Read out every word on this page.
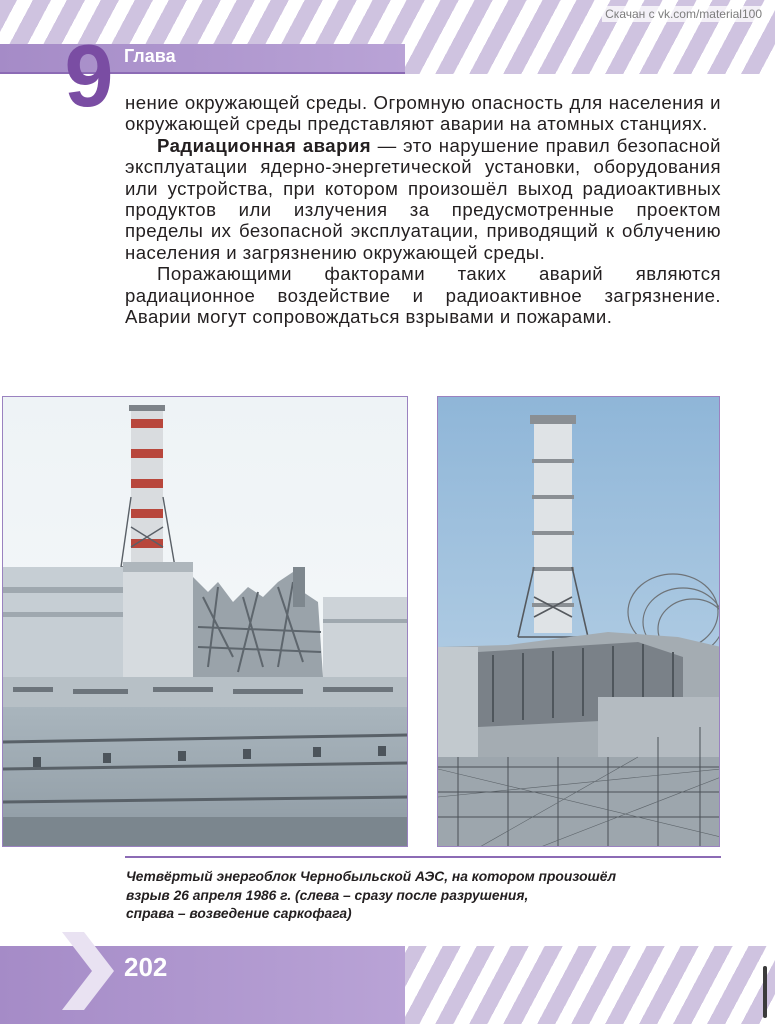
9 Глава
Скачан с vk.com/material100

нение окружающей среды. Огромную опасность для населения и окружающей среды представляют аварии на атомных станциях.

Радиационная авария — это нарушение правил безопасной эксплуатации ядерно-энергетической установки, оборудования или устройства, при котором произошёл выход радиоактивных продуктов или излучения за предусмотренные проектом пределы их безопасной эксплуатации, приводящий к облучению населения и загрязнению окружающей среды.

Поражающими факторами таких аварий являются радиационное воздействие и радиоактивное загрязнение. Аварии могут сопровождаться взрывами и пожарами.

Четвёртый энергоблок Чернобыльской АЭС, на котором произошёл
взрыв 26 апреля 1986 г. (слева – сразу после разрушения,
справа – возведение саркофага)
202
